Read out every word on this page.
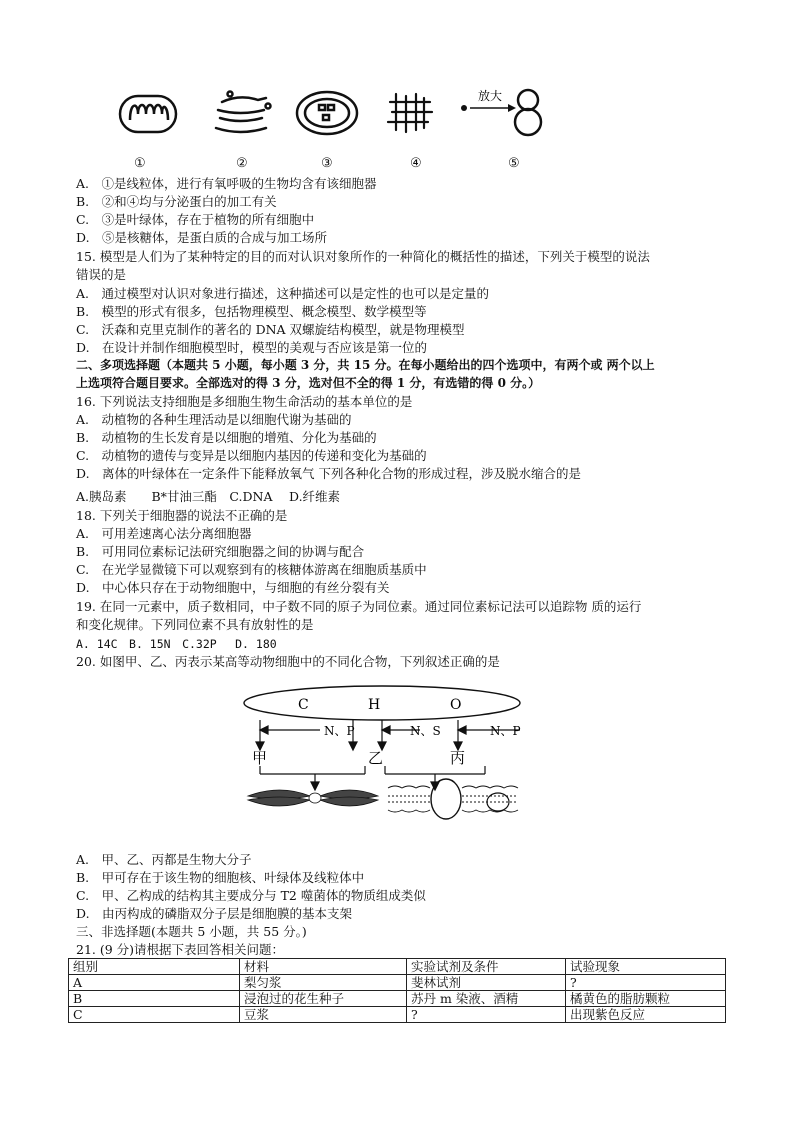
放大
①	②	③	④	⑤
A.　①是线粒体，进行有氧呼吸的生物均含有该细胞器
B.　②和④均与分泌蛋白的加工有关
C.　③是叶绿体，存在于植物的所有细胞中
D.　⑤是核糖体，是蛋白质的合成与加工场所
15. 模型是人们为了某种特定的目的而对认识对象所作的一种简化的概括性的描述，下列关于模型的说法
错误的是
A.　通过模型对认识对象进行描述，这种描述可以是定性的也可以是定量的
B.　模型的形式有很多，包括物理模型、概念模型、数学模型等
C.　沃森和克里克制作的著名的 DNA 双螺旋结构模型，就是物理模型
D.　在设计并制作细胞模型时，模型的美观与否应该是第一位的
二、多项选择题（本题共 5 小题，每小题 3 分，共 15 分。在每小题给出的四个选项中，有两个或 两个以上
上选项符合题目要求。全部选对的得 3 分，选对但不全的得 1 分，有选错的得 0 分。）
16. 下列说法支持细胞是多细胞生物生命活动的基本单位的是
A.　动植物的各种生理活动是以细胞代谢为基础的
B.　动植物的生长发育是以细胞的增殖、分化为基础的
C.　动植物的遗传与变异是以细胞内基因的传递和变化为基础的
D.　离体的叶绿体在一定条件下能释放氧气 下列各种化合物的形成过程，涉及脱水缩合的是
A.胰岛素　　B*甘油三酯　C.DNA　 D.纤维素
18. 下列关于细胞器的说法不正确的是
A.　可用差速离心法分离细胞器
B.　可用同位素标记法研究细胞器之间的协调与配合
C.　在光学显微镜下可以观察到有的核糖体游离在细胞质基质中
D.　中心体只存在于动物细胞中，与细胞的有丝分裂有关
19. 在同一元素中，质子数相同，中子数不同的原子为同位素。通过同位素标记法可以追踪物 质的运行
和变化规律。下列同位素不具有放射性的是
A. 14C　B. 15N　C.32P　 D. 180
20. 如图甲、乙、丙表示某高等动物细胞中的不同化合物，下列叙述正确的是
C	H	O
N、P	N、S	N、P
甲	乙	丙
A.　甲、乙、丙都是生物大分子
B.　甲可存在于该生物的细胞核、叶绿体及线粒体中
C.　甲、乙构成的结构其主要成分与 T2 噬菌体的物质组成类似
D.　由丙构成的磷脂双分子层是细胞膜的基本支架
三、非选择题(本题共 5 小题，共 55 分。)
21. (9 分)请根据下表回答相关问题：
组别	材料	实验试剂及条件	试验现象
A	梨匀浆	斐林试剂	?
B	浸泡过的花生种子	苏丹 m 染液、酒精	橘黄色的脂肪颗粒
C	豆浆	?	出现紫色反应
